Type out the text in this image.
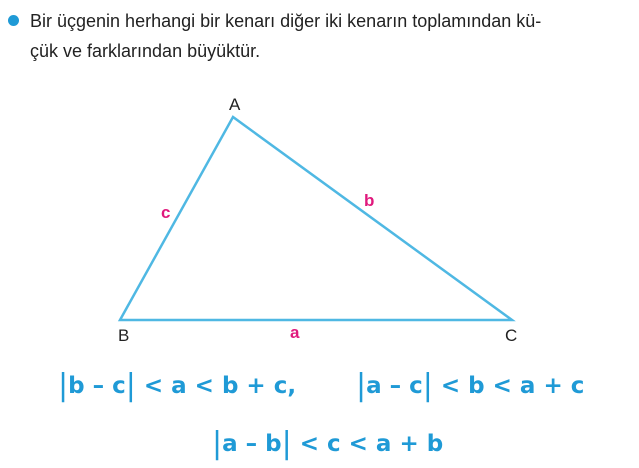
Bir üçgenin herhangi bir kenarı diğer iki kenarın toplamından kü-
çük ve farklarından büyüktür.
A
B	C
c
b
a
|b – c| < a < b + c, |a – c| < b < a + c
|a – b| < c < a + b
